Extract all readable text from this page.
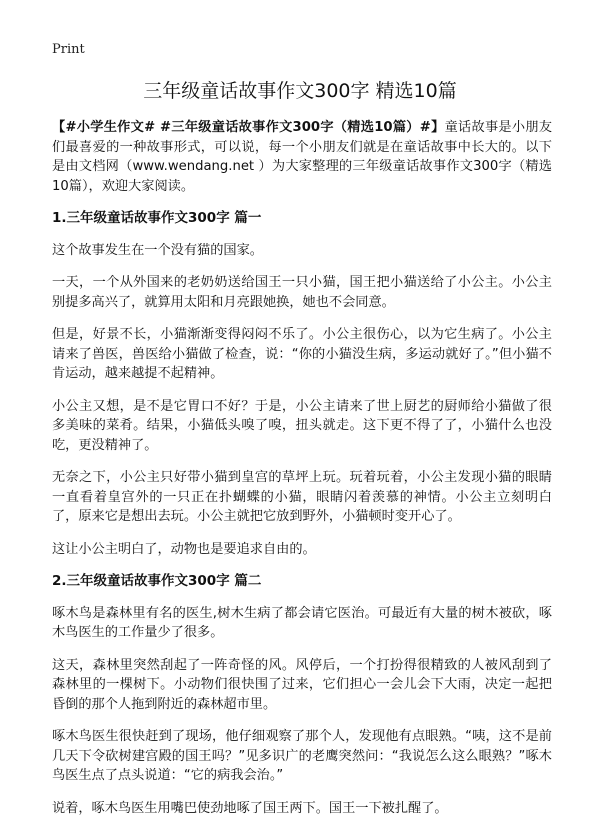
Print
三年级童话故事作文300字 精选10篇

【#小学生作文# #三年级童话故事作文300字（精选10篇）#】童话故事是小朋友们最喜爱的一种故事形式，可以说，每一个小朋友们就是在童话故事中长大的。以下是由文档网（www.wendang.net ）为大家整理的三年级童话故事作文300字（精选10篇），欢迎大家阅读。

1.三年级童话故事作文300字 篇一

这个故事发生在一个没有猫的国家。

一天，一个从外国来的老奶奶送给国王一只小猫，国王把小猫送给了小公主。小公主别提多高兴了，就算用太阳和月亮跟她换，她也不会同意。

但是，好景不长，小猫渐渐变得闷闷不乐了。小公主很伤心，以为它生病了。小公主请来了兽医，兽医给小猫做了检查，说：“你的小猫没生病，多运动就好了。”但小猫不肯运动，越来越提不起精神。

小公主又想，是不是它胃口不好？于是，小公主请来了世上厨艺的厨师给小猫做了很多美味的菜肴。结果，小猫低头嗅了嗅，扭头就走。这下更不得了了，小猫什么也没吃，更没精神了。

无奈之下，小公主只好带小猫到皇宫的草坪上玩。玩着玩着，小公主发现小猫的眼睛一直看着皇宫外的一只正在扑蝴蝶的小猫，眼睛闪着羡慕的神情。小公主立刻明白了，原来它是想出去玩。小公主就把它放到野外，小猫顿时变开心了。

这让小公主明白了，动物也是要追求自由的。

2.三年级童话故事作文300字 篇二

啄木鸟是森林里有名的医生,树木生病了都会请它医治。可最近有大量的树木被砍，啄木鸟医生的工作量少了很多。

这天，森林里突然刮起了一阵奇怪的风。风停后，一个打扮得很精致的人被风刮到了森林里的一棵树下。小动物们很快围了过来，它们担心一会儿会下大雨，决定一起把昏倒的那个人拖到附近的森林超市里。

啄木鸟医生很快赶到了现场，他仔细观察了那个人，发现他有点眼熟。“咦，这不是前几天下令砍树建宫殿的国王吗？”见多识广的老鹰突然问：“我说怎么这么眼熟？”啄木鸟医生点了点头说道：“它的病我会治。”

说着，啄木鸟医生用嘴巴使劲地啄了国王两下。国王一下被扎醒了。
